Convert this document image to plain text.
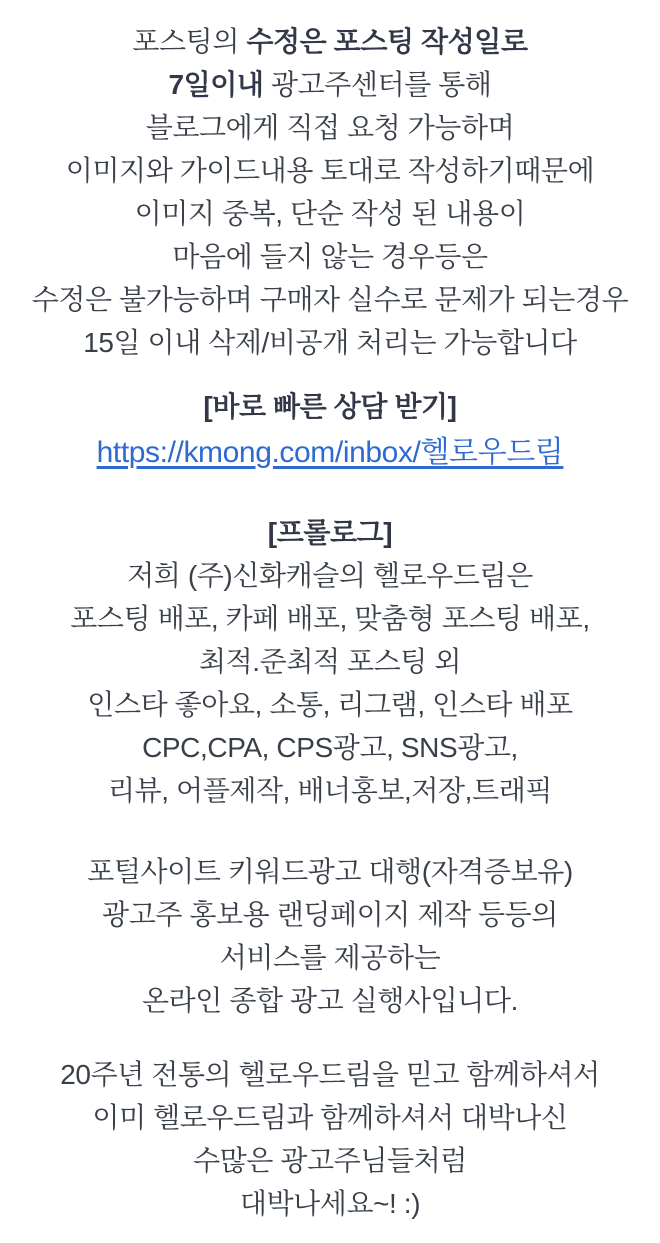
포스팅의 수정은 포스팅 작성일로
7일이내 광고주센터를 통해
블로그에게 직접 요청 가능하며
이미지와 가이드내용 토대로 작성하기때문에
이미지 중복, 단순 작성 된 내용이
마음에 들지 않는 경우등은
수정은 불가능하며 구매자 실수로 문제가 되는경우
15일 이내 삭제/비공개 처리는 가능합니다
[바로 빠른 상담 받기]
https://kmong.com/inbox/헬로우드림
[프롤로그]
저희 (주)신화캐슬의 헬로우드림은
포스팅 배포, 카페 배포, 맞춤형 포스팅 배포,
최적.준최적 포스팅 외
인스타 좋아요, 소통, 리그램, 인스타 배포
CPC,CPA, CPS광고, SNS광고,
리뷰, 어플제작, 배너홍보,저장,트래픽
포털사이트 키워드광고 대행(자격증보유)
광고주 홍보용 랜딩페이지 제작 등등의
서비스를 제공하는
온라인 종합 광고 실행사입니다.
20주년 전통의 헬로우드림을 믿고 함께하셔서
이미 헬로우드림과 함께하셔서 대박나신
수많은 광고주님들처럼
대박나세요~! :)
